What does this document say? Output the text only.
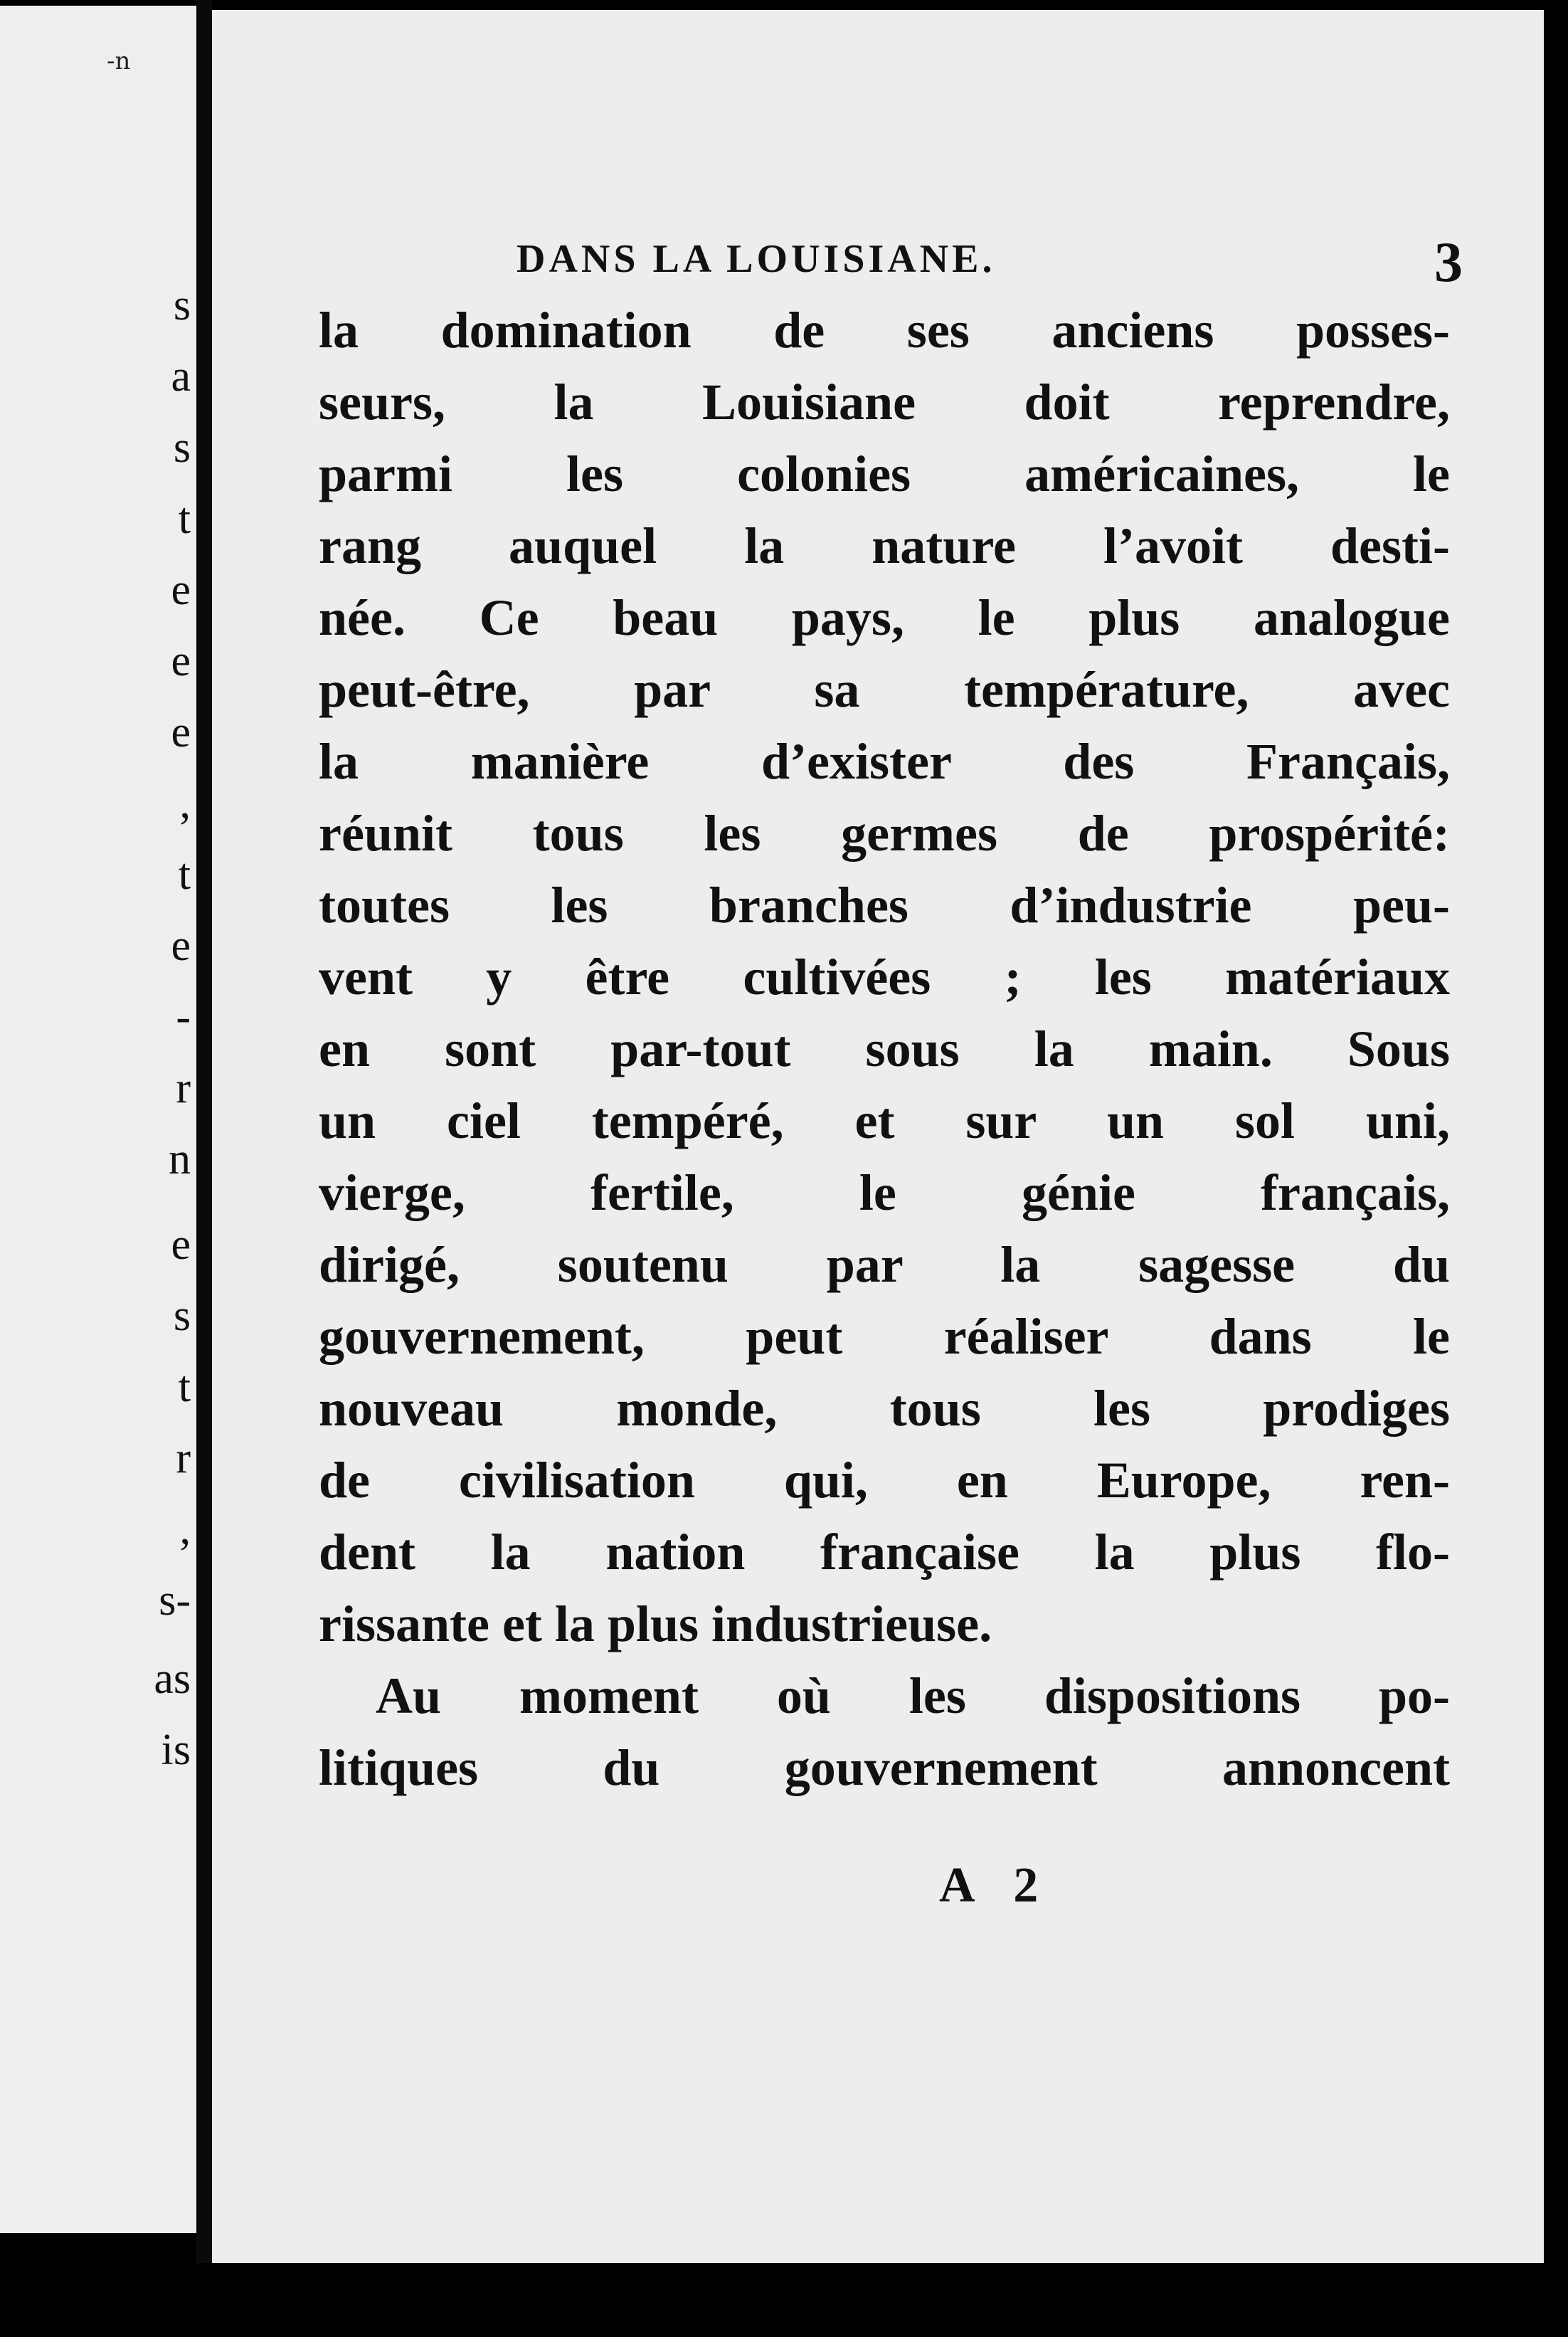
-n
s
a
s
t
e
e
e
,
t
e
-
r
n
e
s
t
r
,
s-
as
is
DANS LA LOUISIANE.	3
la domination de ses anciens posses-
seurs, la Louisiane doit reprendre,
parmi les colonies américaines, le
rang auquel la nature l’avoit desti-
née. Ce beau pays, le plus analogue
peut-être, par sa température, avec
la manière d’exister des Français,
réunit tous les germes de prospérité:
toutes les branches d’industrie peu-
vent y être cultivées ; les matériaux
en sont par-tout sous la main. Sous
un ciel tempéré, et sur un sol uni,
vierge, fertile, le génie français,
dirigé, soutenu par la sagesse du
gouvernement, peut réaliser dans le
nouveau monde, tous les prodiges
de civilisation qui, en Europe, ren-
dent la nation française la plus flo-
rissante et la plus industrieuse.
Au moment où les dispositions po-
litiques du gouvernement annoncent
A 2
